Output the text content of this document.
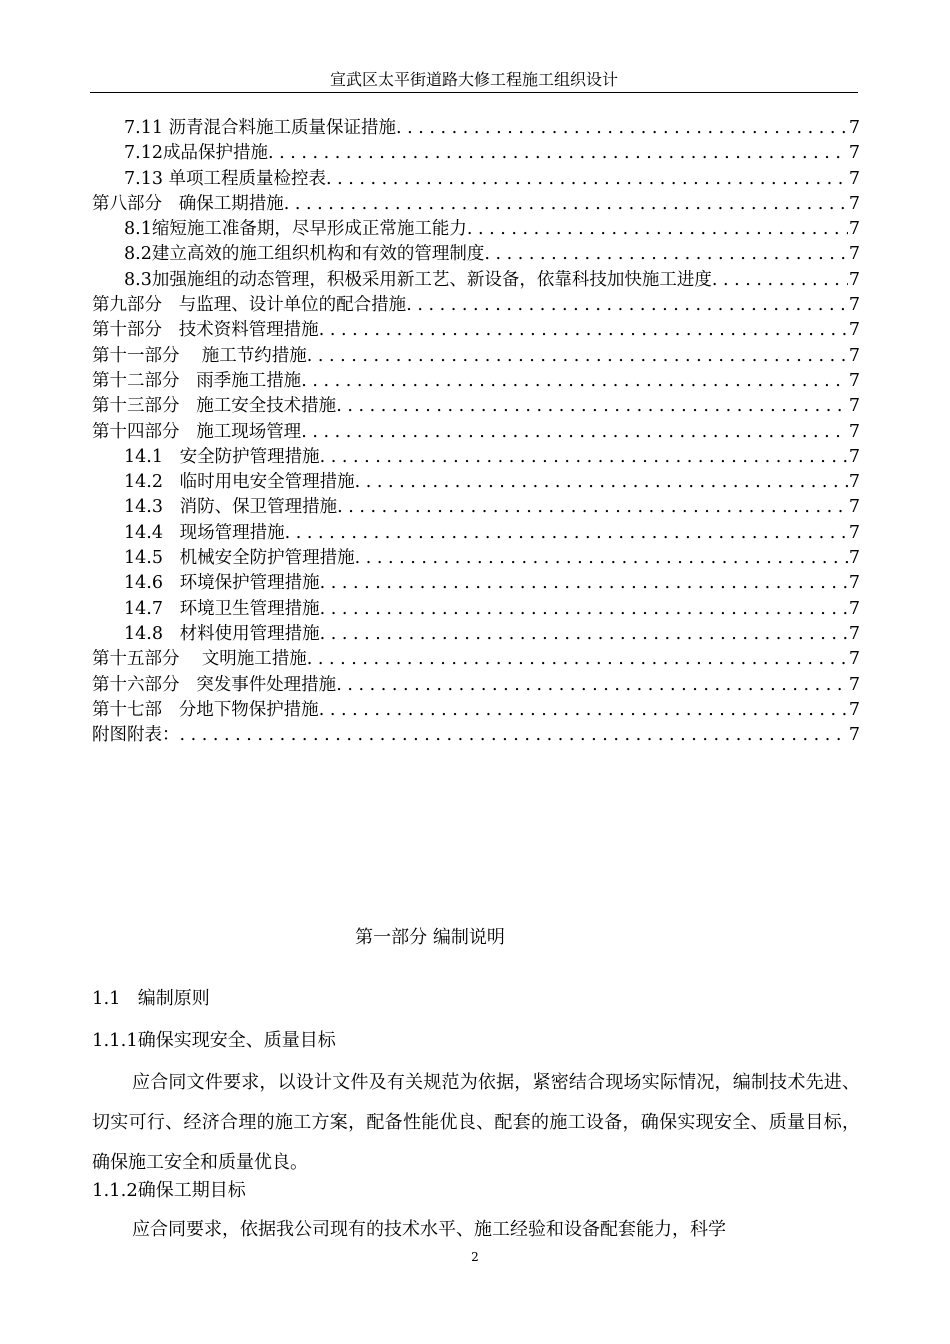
宣武区太平街道路大修工程施工组织设计
7.11 沥青混合料施工质量保证措施 . . .	7
7.12成品保护措施 . . .	7
7.13 单项工程质量检控表 . . .	7
第八部分   确保工期措施 . . .	7
8.1缩短施工准备期，尽早形成正常施工能力 . . .	7
8.2建立高效的施工组织机构和有效的管理制度 . . .	7
8.3加强施组的动态管理，积极采用新工艺、新设备，依靠科技加快施工进度 . . .	7
第九部分   与监理、设计单位的配合措施 . . .	7
第十部分   技术资料管理措施 . . .	7
第十一部分    施工节约措施 . . .	7
第十二部分   雨季施工措施 . . .	7
第十三部分   施工安全技术措施 . . .	7
第十四部分   施工现场管理 . . .	7
14.1   安全防护管理措施 . . .	7
14.2   临时用电安全管理措施 . . .	7
14.3   消防、保卫管理措施 . . .	7
14.4   现场管理措施 . . .	7
14.5   机械安全防护管理措施 . . .	7
14.6   环境保护管理措施 . . .	7
14.7   环境卫生管理措施 . . .	7
14.8   材料使用管理措施 . . .	7
第十五部分    文明施工措施 . . .	7
第十六部分   突发事件处理措施 . . .	7
第十七部   分地下物保护措施 . . .	7
附图附表： . . .	7
第一部分 编制说明
1.1   编制原则
1.1.1确保实现安全、质量目标
应合同文件要求，以设计文件及有关规范为依据，紧密结合现场实际情况，编制技术先进、切实可行、经济合理的施工方案，配备性能优良、配套的施工设备，确保实现安全、质量目标，确保施工安全和质量优良。
1.1.2确保工期目标
应合同要求，依据我公司现有的技术水平、施工经验和设备配套能力，科学
2
